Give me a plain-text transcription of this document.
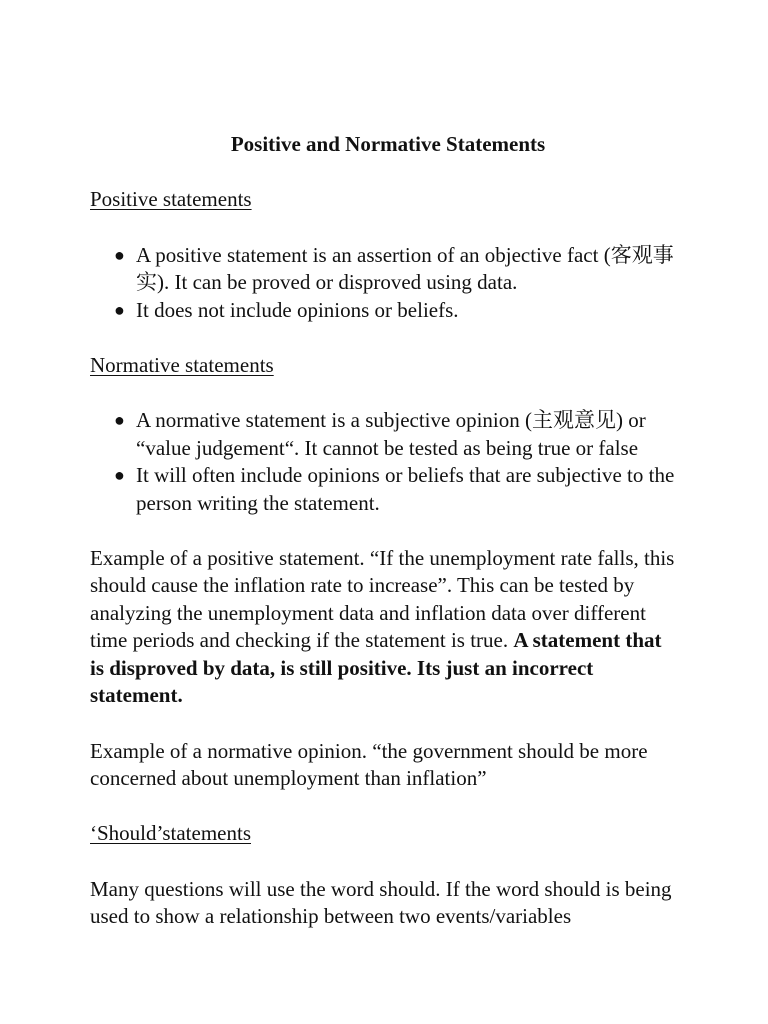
Positive and Normative Statements
Positive statements
● A positive statement is an assertion of an objective fact (客观事实). It can be proved or disproved using data.
● It does not include opinions or beliefs.
Normative statements
● A normative statement is a subjective opinion (主观意见) or “value judgement“. It cannot be tested as being true or false
● It will often include opinions or beliefs that are subjective to the person writing the statement.

Example of a positive statement. “If the unemployment rate falls, this should cause the inflation rate to increase”. This can be tested by analyzing the unemployment data and inflation data over different time periods and checking if the statement is true. A statement that is disproved by data, is still positive. Its just an incorrect statement.

Example of a normative opinion. “the government should be more concerned about unemployment than inflation”

‘Should’statements

Many questions will use the word should. If the word should is being used to show a relationship between two events/variables
